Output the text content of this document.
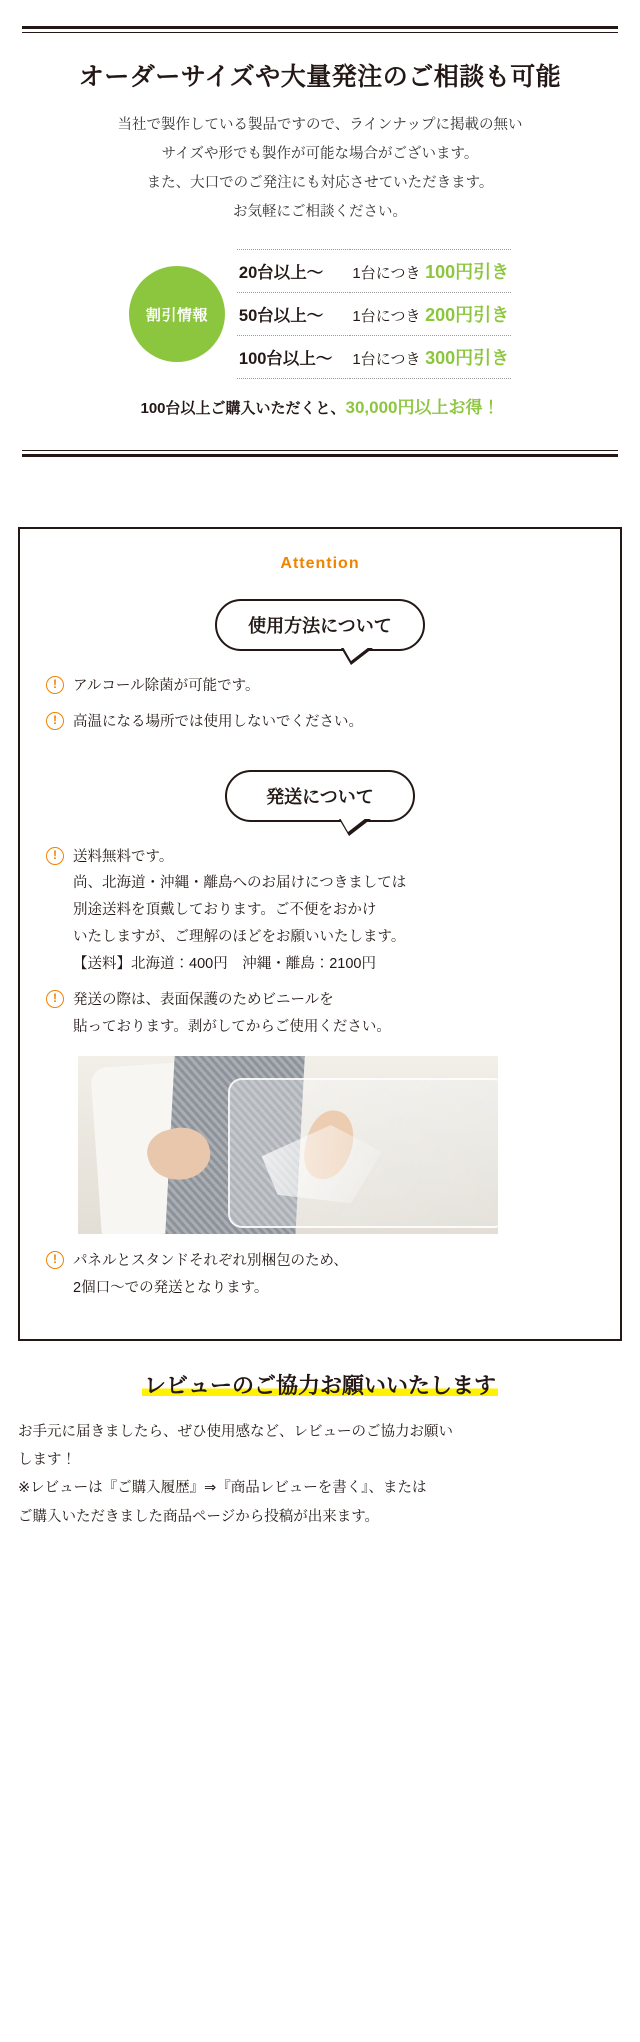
オーダーサイズや大量発注のご相談も可能
当社で製作している製品ですので、ラインナップに掲載の無い
サイズや形でも製作が可能な場合がございます。
また、大口でのご発注にも対応させていただきます。
お気軽にご相談ください。
割引情報
20台以上〜	1台につき 100円引き
50台以上〜	1台につき 200円引き
100台以上〜	1台につき 300円引き

100台以上ご購入いただくと、30,000円以上お得！

Attention
使用方法について
!	アルコール除菌が可能です。
!	高温になる場所では使用しないでください。
発送について
!	送料無料です。
尚、北海道・沖縄・離島へのお届けにつきましては
別途送料を頂戴しております。ご不便をおかけ
いたしますが、ご理解のほどをお願いいたします。
【送料】北海道：400円　沖縄・離島：2100円
!	発送の際は、表面保護のためビニールを
貼っております。剥がしてからご使用ください。
!	パネルとスタンドそれぞれ別梱包のため、
2個口〜での発送となります。
レビューのご協力お願いいたします
お手元に届きましたら、ぜひ使用感など、レビューのご協力お願い
します！
※レビューは『ご購入履歴』⇒『商品レビューを書く』、または
ご購入いただきました商品ページから投稿が出来ます。
